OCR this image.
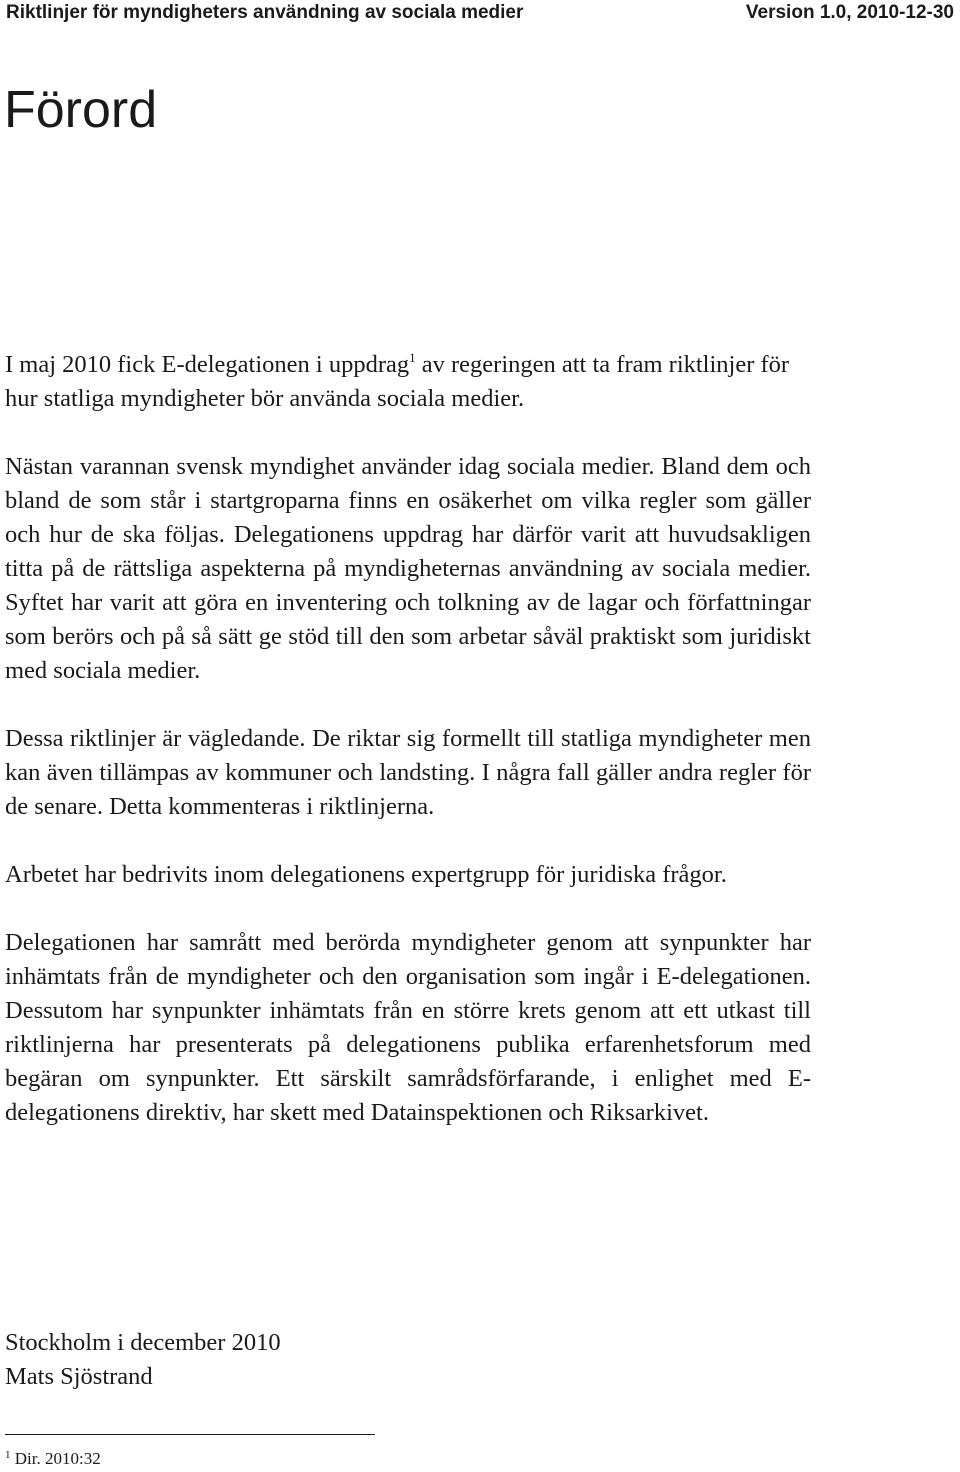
Riktlinjer för myndigheters användning av sociala medier	Version 1.0, 2010-12-30
Förord

I maj 2010 fick E-delegationen i uppdrag$^1$ av regeringen att ta fram riktlinjer för hur statliga myndigheter bör använda sociala medier.

Nästan varannan svensk myndighet använder idag sociala medier. Bland dem och bland de som står i startgroparna finns en osäkerhet om vilka regler som gäller och hur de ska följas. Delegationens uppdrag har därför varit att huvudsakligen titta på de rättsliga aspekterna på myndigheternas användning av sociala medier. Syftet har varit att göra en inventering och tolkning av de lagar och författningar som berörs och på så sätt ge stöd till den som arbetar såväl praktiskt som juridiskt med sociala medier.

Dessa riktlinjer är vägledande. De riktar sig formellt till statliga myndigheter men kan även tillämpas av kommuner och landsting. I några fall gäller andra regler för de senare. Detta kommenteras i riktlinjerna.

Arbetet har bedrivits inom delegationens expertgrupp för juridiska frågor.

Delegationen har samrått med berörda myndigheter genom att synpunkter har inhämtats från de myndigheter och den organisation som ingår i E-delegationen. Dessutom har synpunkter inhämtats från en större krets genom att ett utkast till riktlinjerna har presenterats på delegationens publika erfarenhetsforum med begäran om synpunkter. Ett särskilt samrådsförfarande, i enlighet med E-delegationens direktiv, har skett med Datainspektionen och Riksarkivet.

Stockholm i december 2010
Mats Sjöstrand
$^1$ Dir. 2010:32
